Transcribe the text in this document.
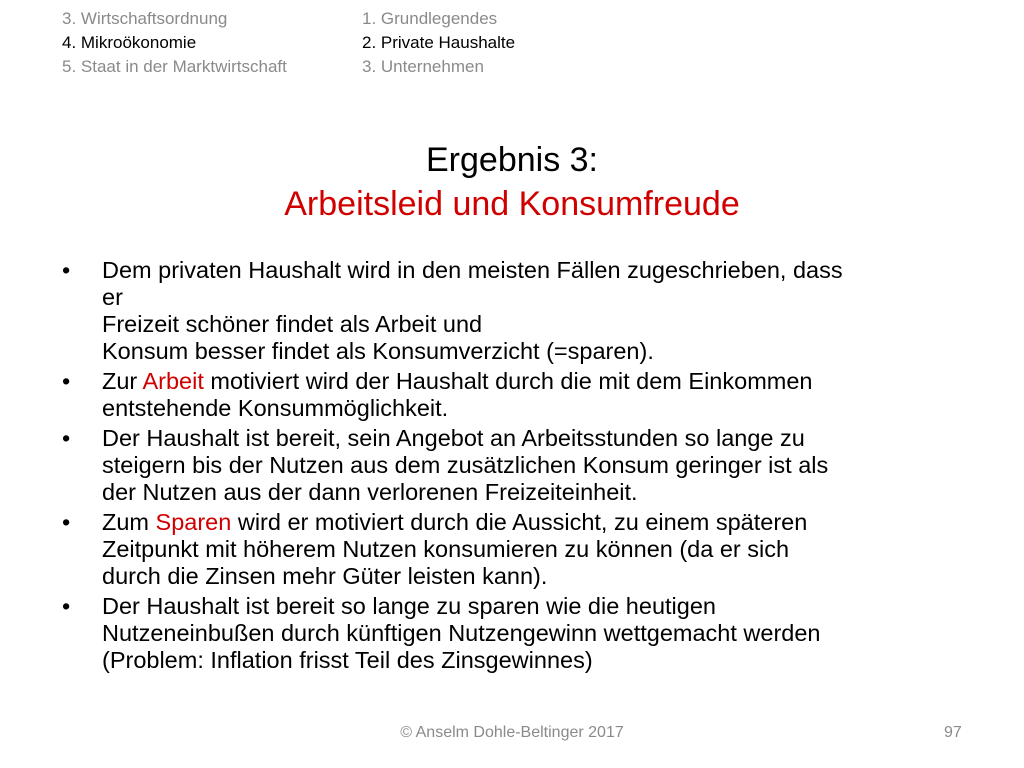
3. Wirtschaftsordnung
4. Mikroökonomie
5. Staat in der Marktwirtschaft
1. Grundlegendes
2. Private Haushalte
3. Unternehmen
Ergebnis 3:
Arbeitsleid und Konsumfreude
• Dem privaten Haushalt wird in den meisten Fällen zugeschrieben, dass
er
Freizeit schöner findet als Arbeit und
Konsum besser findet als Konsumverzicht (=sparen).
• Zur Arbeit motiviert wird der Haushalt durch die mit dem Einkommen
entstehende Konsummöglichkeit.
• Der Haushalt ist bereit, sein Angebot an Arbeitsstunden so lange zu
steigern bis der Nutzen aus dem zusätzlichen Konsum geringer ist als
der Nutzen aus der dann verlorenen Freizeiteinheit.
• Zum Sparen wird er motiviert durch die Aussicht, zu einem späteren
Zeitpunkt mit höherem Nutzen konsumieren zu können (da er sich
durch die Zinsen mehr Güter leisten kann).
• Der Haushalt ist bereit so lange zu sparen wie die heutigen
Nutzeneinbußen durch künftigen Nutzengewinn wettgemacht werden
(Problem: Inflation frisst Teil des Zinsgewinnes)
© Anselm Dohle-Beltinger 2017	97
